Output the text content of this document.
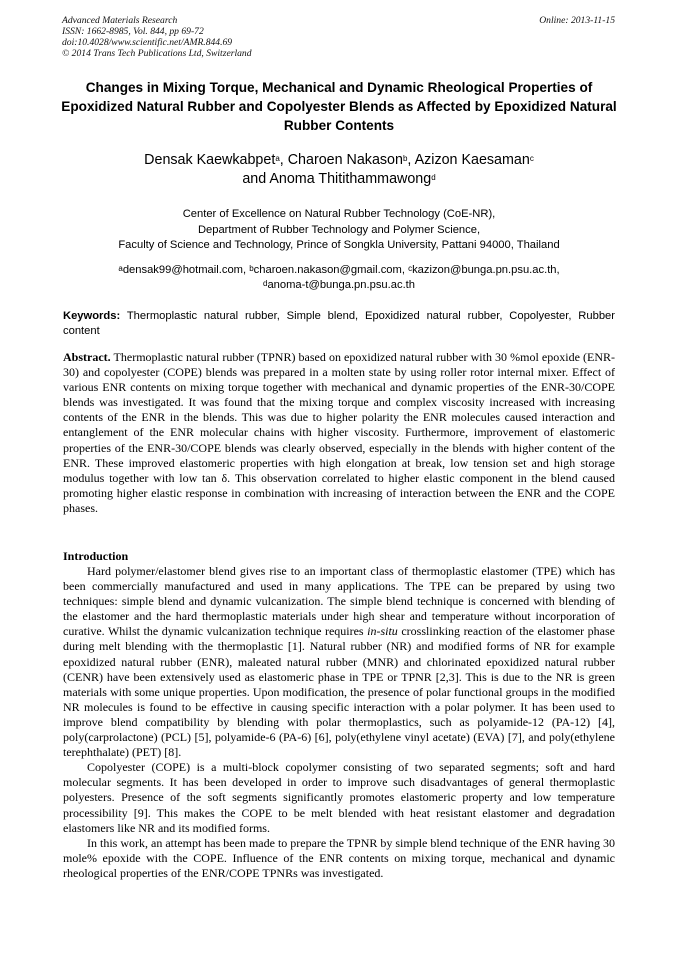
Advanced Materials Research
ISSN: 1662-8985, Vol. 844, pp 69-72
doi:10.4028/www.scientific.net/AMR.844.69
© 2014 Trans Tech Publications Ltd, Switzerland
Online: 2013-11-15
Changes in Mixing Torque, Mechanical and Dynamic Rheological Properties of Epoxidized Natural Rubber and Copolyester Blends as Affected by Epoxidized Natural Rubber Contents
Densak Kaewkabpet$^a$, Charoen Nakason$^b$, Azizon Kaesaman$^c$
and Anoma Thitithammawong$^d$
Center of Excellence on Natural Rubber Technology (CoE-NR),
Department of Rubber Technology and Polymer Science,
Faculty of Science and Technology, Prince of Songkla University, Pattani 94000, Thailand
$^a$densak99@hotmail.com, $^b$charoen.nakason@gmail.com, $^c$kazizon@bunga.pn.psu.ac.th,
$^d$anoma-t@bunga.pn.psu.ac.th
Keywords: Thermoplastic natural rubber, Simple blend, Epoxidized natural rubber, Copolyester, Rubber content
Abstract. Thermoplastic natural rubber (TPNR) based on epoxidized natural rubber with 30 %mol epoxide (ENR-30) and copolyester (COPE) blends was prepared in a molten state by using roller rotor internal mixer. Effect of various ENR contents on mixing torque together with mechanical and dynamic properties of the ENR-30/COPE blends was investigated. It was found that the mixing torque and complex viscosity increased with increasing contents of the ENR in the blends. This was due to higher polarity the ENR molecules caused interaction and entanglement of the ENR molecular chains with higher viscosity. Furthermore, improvement of elastomeric properties of the ENR-30/COPE blends was clearly observed, especially in the blends with higher content of the ENR. These improved elastomeric properties with high elongation at break, low tension set and high storage modulus together with low tan δ. This observation correlated to higher elastic component in the blend caused promoting higher elastic response in combination with increasing of interaction between the ENR and the COPE phases.
Introduction

Hard polymer/elastomer blend gives rise to an important class of thermoplastic elastomer (TPE) which has been commercially manufactured and used in many applications. The TPE can be prepared by using two techniques: simple blend and dynamic vulcanization. The simple blend technique is concerned with blending of the elastomer and the hard thermoplastic materials under high shear and temperature without incorporation of curative. Whilst the dynamic vulcanization technique requires in-situ crosslinking reaction of the elastomer phase during melt blending with the thermoplastic [1]. Natural rubber (NR) and modified forms of NR for example epoxidized natural rubber (ENR), maleated natural rubber (MNR) and chlorinated epoxidized natural rubber (CENR) have been extensively used as elastomeric phase in TPE or TPNR [2,3]. This is due to the NR is green materials with some unique properties. Upon modification, the presence of polar functional groups in the modified NR molecules is found to be effective in causing specific interaction with a polar polymer. It has been used to improve blend compatibility by blending with polar thermoplastics, such as polyamide-12 (PA-12) [4], poly(carprolactone) (PCL) [5], polyamide-6 (PA-6) [6], poly(ethylene vinyl acetate) (EVA) [7], and poly(ethylene terephthalate) (PET) [8].

Copolyester (COPE) is a multi-block copolymer consisting of two separated segments; soft and hard molecular segments. It has been developed in order to improve such disadvantages of general thermoplastic polyesters. Presence of the soft segments significantly promotes elastomeric property and low temperature processibility [9]. This makes the COPE to be melt blended with heat resistant elastomer and degradation elastomers like NR and its modified forms.

In this work, an attempt has been made to prepare the TPNR by simple blend technique of the ENR having 30 mole% epoxide with the COPE. Influence of the ENR contents on mixing torque, mechanical and dynamic rheological properties of the ENR/COPE TPNRs was investigated.
